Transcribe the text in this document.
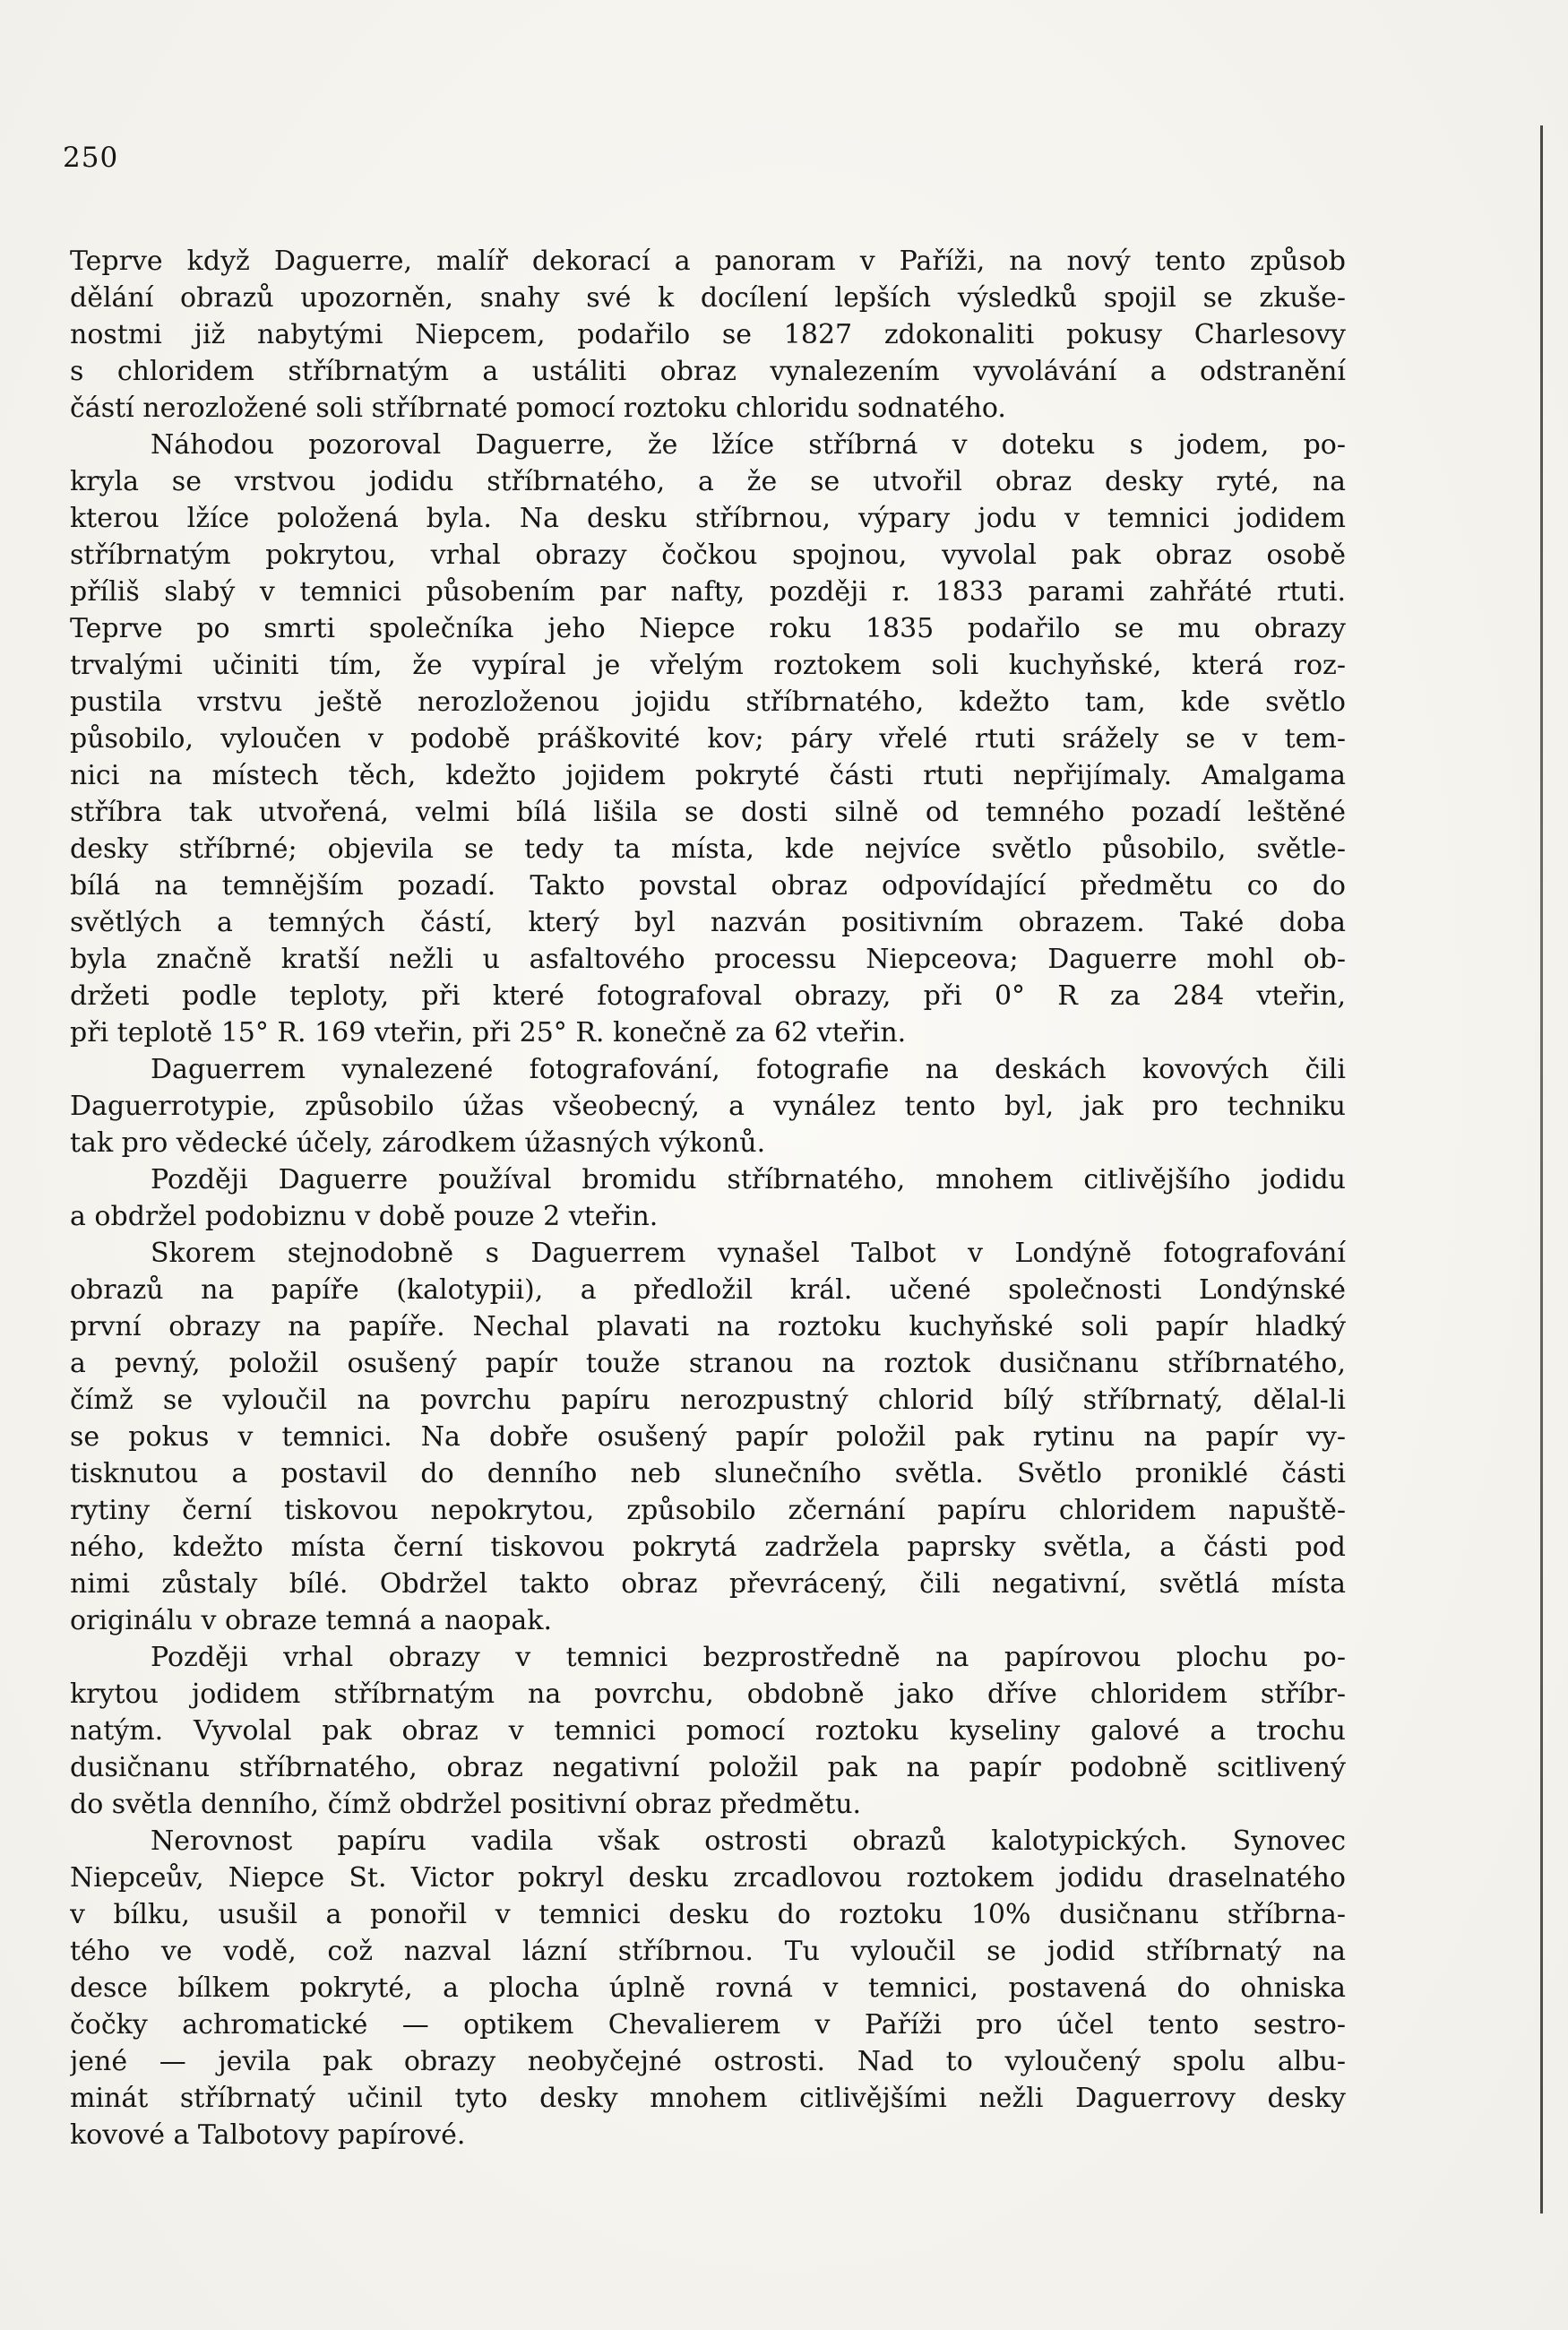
250
Teprve když Daguerre, malíř dekorací a panoram v Paříži, na nový tento způsob
dělání obrazů upozorněn, snahy své k docílení lepších výsledků spojil se zkuše-
nostmi již nabytými Niepcem, podařilo se 1827 zdokonaliti pokusy Charlesovy
s chloridem stříbrnatým a ustáliti obraz vynalezením vyvolávání a odstranění
částí nerozložené soli stříbrnaté pomocí roztoku chloridu sodnatého.
Náhodou pozoroval Daguerre, že lžíce stříbrná v doteku s jodem, po-
kryla se vrstvou jodidu stříbrnatého, a že se utvořil obraz desky ryté, na
kterou lžíce položená byla. Na desku stříbrnou, výpary jodu v temnici jodidem
stříbrnatým pokrytou, vrhal obrazy čočkou spojnou, vyvolal pak obraz osobě
příliš slabý v temnici působením par nafty, později r. 1833 parami zahřáté rtuti.
Teprve po smrti společníka jeho Niepce roku 1835 podařilo se mu obrazy
trvalými učiniti tím, že vypíral je vřelým roztokem soli kuchyňské, která roz-
pustila vrstvu ještě nerozloženou jojidu stříbrnatého, kdežto tam, kde světlo
působilo, vyloučen v podobě práškovité kov; páry vřelé rtuti srážely se v tem-
nici na místech těch, kdežto jojidem pokryté části rtuti nepřijímaly. Amalgama
stříbra tak utvořená, velmi bílá lišila se dosti silně od temného pozadí leštěné
desky stříbrné; objevila se tedy ta místa, kde nejvíce světlo působilo, světle-
bílá na temnějším pozadí. Takto povstal obraz odpovídající předmětu co do
světlých a temných částí, který byl nazván positivním obrazem. Také doba
byla značně kratší nežli u asfaltového processu Niepceova; Daguerre mohl ob-
držeti podle teploty, při které fotografoval obrazy, při 0° R za 284 vteřin,
při teplotě 15° R. 169 vteřin, při 25° R. konečně za 62 vteřin.
Daguerrem vynalezené fotografování, fotografie na deskách kovových čili
Daguerrotypie, způsobilo úžas všeobecný, a vynález tento byl, jak pro techniku
tak pro vědecké účely, zárodkem úžasných výkonů.
Později Daguerre používal bromidu stříbrnatého, mnohem citlivějšího jodidu
a obdržel podobiznu v době pouze 2 vteřin.
Skorem stejnodobně s Daguerrem vynašel Talbot v Londýně fotografování
obrazů na papíře (kalotypii), a předložil král. učené společnosti Londýnské
první obrazy na papíře. Nechal plavati na roztoku kuchyňské soli papír hladký
a pevný, položil osušený papír touže stranou na roztok dusičnanu stříbrnatého,
čímž se vyloučil na povrchu papíru nerozpustný chlorid bílý stříbrnatý, dělal-li
se pokus v temnici. Na dobře osušený papír položil pak rytinu na papír vy-
tisknutou a postavil do denního neb slunečního světla. Světlo proniklé části
rytiny černí tiskovou nepokrytou, způsobilo zčernání papíru chloridem napuště-
ného, kdežto místa černí tiskovou pokrytá zadržela paprsky světla, a části pod
nimi zůstaly bílé. Obdržel takto obraz převrácený, čili negativní, světlá místa
originálu v obraze temná a naopak.
Později vrhal obrazy v temnici bezprostředně na papírovou plochu po-
krytou jodidem stříbrnatým na povrchu, obdobně jako dříve chloridem stříbr-
natým. Vyvolal pak obraz v temnici pomocí roztoku kyseliny galové a trochu
dusičnanu stříbrnatého, obraz negativní položil pak na papír podobně scitlivený
do světla denního, čímž obdržel positivní obraz předmětu.
Nerovnost papíru vadila však ostrosti obrazů kalotypických. Synovec
Niepceův, Niepce St. Victor pokryl desku zrcadlovou roztokem jodidu draselnatého
v bílku, usušil a ponořil v temnici desku do roztoku 10% dusičnanu stříbrna-
tého ve vodě, což nazval lázní stříbrnou. Tu vyloučil se jodid stříbrnatý na
desce bílkem pokryté, a plocha úplně rovná v temnici, postavená do ohniska
čočky achromatické — optikem Chevalierem v Paříži pro účel tento sestro-
jené — jevila pak obrazy neobyčejné ostrosti. Nad to vyloučený spolu albu-
minát stříbrnatý učinil tyto desky mnohem citlivějšími nežli Daguerrovy desky
kovové a Talbotovy papírové.
